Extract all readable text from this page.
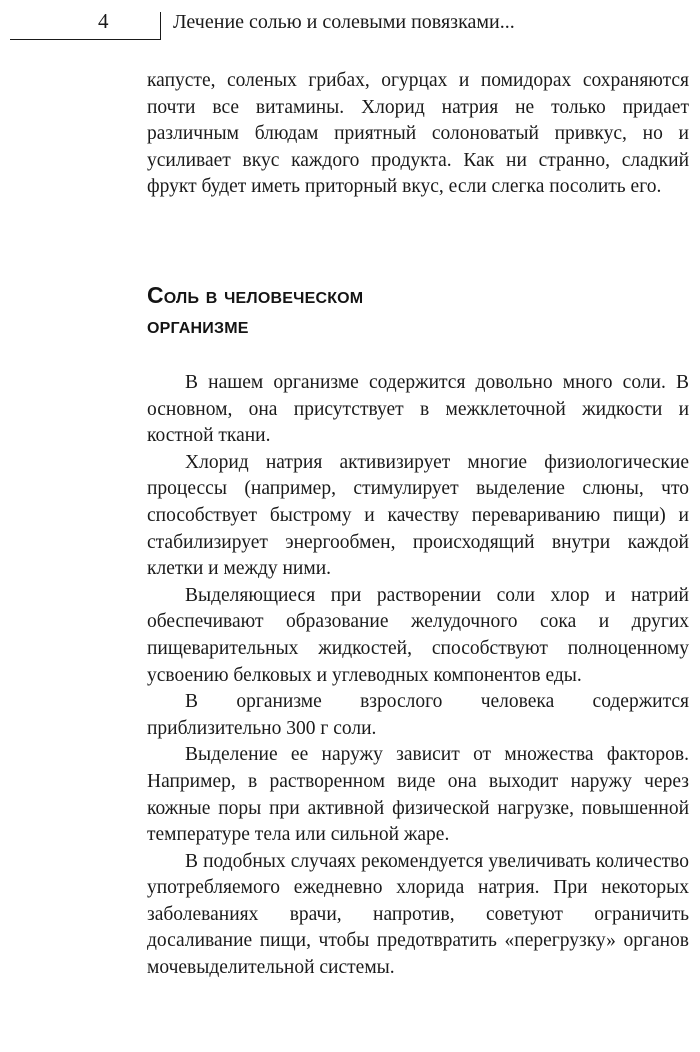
4	Лечение солью и солевыми повязками...

капусте, соленых грибах, огурцах и помидорах сохраняются почти все витамины. Хлорид натрия не только придает различным блюдам приятный солоноватый привкус, но и усиливает вкус каждого продукта. Как ни странно, сладкий фрукт будет иметь приторный вкус, если слегка посолить его.

Соль в человеческом
организме

В нашем организме содержится довольно много соли. В основном, она присутствует в межклеточной жидкости и костной ткани.

Хлорид натрия активизирует многие физиологические процессы (например, стимулирует выделение слюны, что способствует быстрому и качеству перевариванию пищи) и стабилизирует энергообмен, происходящий внутри каждой клетки и между ними.

Выделяющиеся при растворении соли хлор и натрий обеспечивают образование желудочного сока и других пищеварительных жидкостей, способствуют полноценному усвоению белковых и углеводных компонентов еды.

В организме взрослого человека содержится приблизительно 300 г соли.

Выделение ее наружу зависит от множества факторов. Например, в растворенном виде она выходит наружу через кожные поры при активной физической нагрузке, повышенной температуре тела или сильной жаре.

В подобных случаях рекомендуется увеличивать количество употребляемого ежедневно хлорида натрия. При некоторых заболеваниях врачи, напротив, советуют ограничить досаливание пищи, чтобы предотвратить «перегрузку» органов мочевыделительной системы.
